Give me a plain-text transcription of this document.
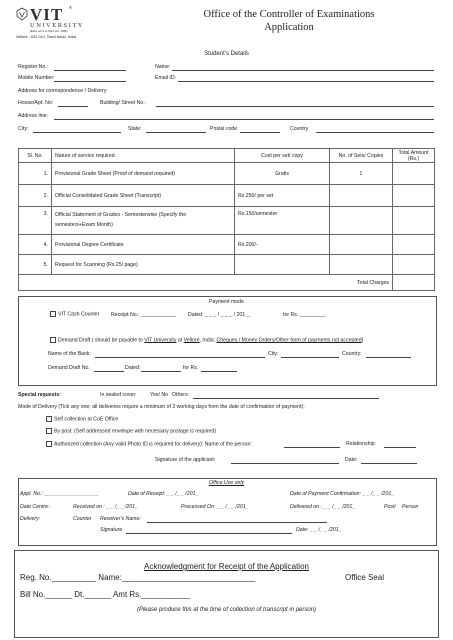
VIT ®
UNIVERSITY
(Estd. u/s 3 of UGC Act, 1956)
Vellore - 632 014, Tamil Nadu, India
Office of the Controller of Examinations
Application
Student's Details
Register No.:	Name:
Mobile Number:	Email ID:
Address for correspondence / Delivery:
House/Apt. No:	Building/ Street No.:
Address line:
City:	State:	Postal code:	Country
Sl. No.	Nature of service required	Cost per set/ copy	No. of Sets/ Copies	Total Amount (Rs.)
1.	Provisional Grade Sheet (Proof of demand required)	Gratis	1	
2.	Official Consolidated Grade Sheet (Transcript)	Rs.250/ per set		
3.	Official Statement of Grades - Semesterwise (Specify the
semesters+Exam Month)	Rs.150/semester		
4.	Provisional Degree Certificate	Rs.200/-		
5.	Request for Scanning (Rs.25/ page)			
Total Charges				
Payment mode
VIT Cash Counter Receipt No.: ____________ Dated: _ _ _ / _ _ _ / 201 _	for Rs. _________
Demand Draft ( should be payable to VIT University at Vellore, India; Cheques / Money Orders/Other form of payments not accepted)
Name of the Bank:	City:	Country:
Demand Draft No.	Dated:	for Rs.
Special requests:	In sealed cover:	Yes/ No Others:
Mode of Delivery (Tick any one; all deliveries require a minimum of 2 working days from the date of confirmation of payment):
Self collection at CoE Office
By post: (Self addressed envelope with necessary postage is required)
Authorized collection (Any valid Photo ID is required for delivery): Name of the person:	Relationship:
Signature of the applicant:	Date:
Office Use only
Appl. No.: ___________________	Date of Receipt: _ _ /_ _ /201_	Date of Payment Confirmation: _ _ /_ _ /201_
Date Centre:	Received on : _ _ /_ _ /201_	Processed On: _ _ /_ _ /201_	Delivered on : _ _ /_ _ /201_	Post/ Person
Delivery:	Counter Receiver's Name:
Signature	Date: _ _ /_ _ /201_
Acknowledgment for Receipt of the Application
Reg. No.__________ Name:______________________________	Office Seal
Bill No.______ Dt.______ Amt Rs.___________
(Please produce this at the time of collection of transcript in person)
